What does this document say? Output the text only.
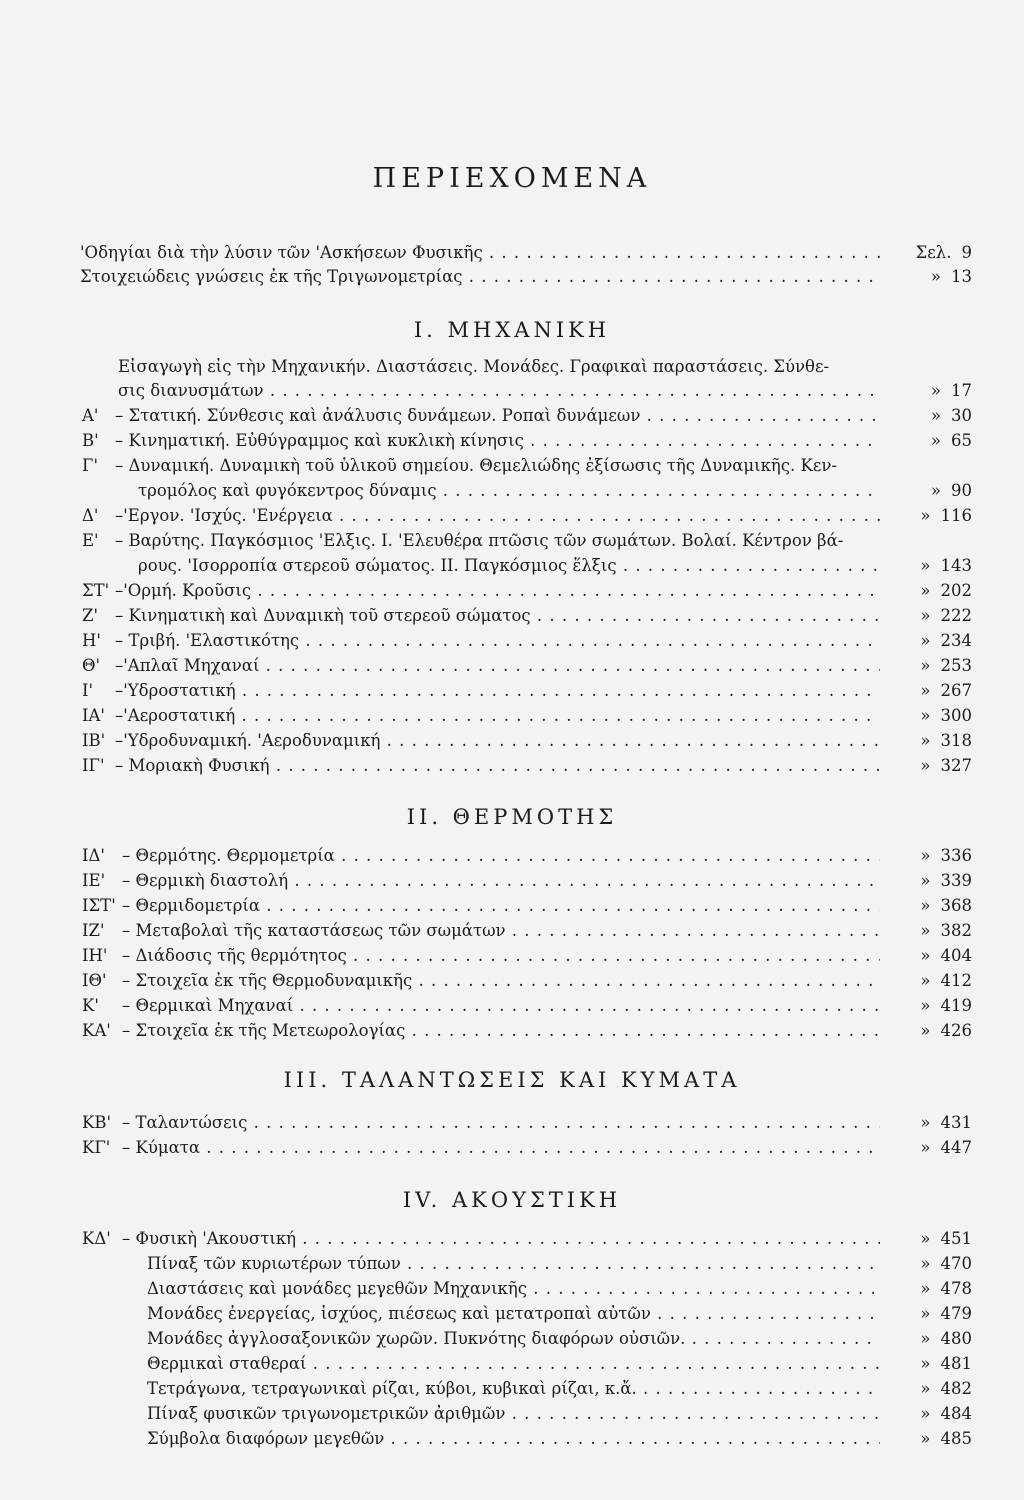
ΠΕΡΙΕΧΟΜΕΝΑ
'Οδηγίαι διὰ τὴν λύσιν τῶν 'Ασκήσεων Φυσικῆς . . .	Σελ. 9
Στοιχειώδεις γνώσεις ἐκ τῆς Τριγωνομετρίας . . .	» 13
Εἰσαγωγὴ εἰς τὴν Μηχανικήν. Διαστάσεις. Μονάδες. Γραφικαὶ παραστάσεις. Σύνθε-
σις διανυσμάτων . . .	» 17
Α' – Στατική. Σύνθεσις καὶ ἀνάλυσις δυνάμεων. Ροπαὶ δυνάμεων . . .	» 30
Β' – Κινηματική. Εὐθύγραμμος καὶ κυκλικὴ κίνησις . . .	» 65
Γ' – Δυναμική. Δυναμικὴ τοῦ ὑλικοῦ σημείου. Θεμελιώδης ἐξίσωσις τῆς Δυναμικῆς. Κεν-
τρομόλος καὶ φυγόκεντρος δύναμις . . .	» 90
Δ' –'Εργον. 'Ισχύς. 'Ενέργεια . . .	» 116
Ε' – Βαρύτης. Παγκόσμιος 'Ελξις. Ι. 'Ελευθέρα πτῶσις τῶν σωμάτων. Βολαί. Κέντρον βά-
ρους. 'Ισορροπία στερεοῦ σώματος. ΙΙ. Παγκόσμιος ἕλξις . . .	» 143
ΣΤ' –'Ορμή. Κροῦσις . . .	» 202
Ζ' – Κινηματικὴ καὶ Δυναμικὴ τοῦ στερεοῦ σώματος . . .	» 222
Η' – Τριβή. 'Ελαστικότης . . .	» 234
Θ' –'Απλαῖ Μηχαναί . . .	» 253
Ι' –'Υδροστατική . . .	» 267
ΙΑ' –'Αεροστατική . . .	» 300
ΙΒ' –'Υδροδυναμική. 'Αεροδυναμική . . .	» 318
ΙΓ' – Μοριακὴ Φυσική . . .	» 327
ΙΔ' – Θερμότης. Θερμομετρία . . .	» 336
ΙΕ' – Θερμικὴ διαστολή . . .	» 339
ΙΣΤ' – Θερμιδομετρία . . .	» 368
ΙΖ' – Μεταβολαὶ τῆς καταστάσεως τῶν σωμάτων . . .	» 382
ΙΗ' – Διάδοσις τῆς θερμότητος . . .	» 404
ΙΘ' – Στοιχεῖα ἐκ τῆς Θερμοδυναμικῆς . . .	» 412
Κ' – Θερμικαὶ Μηχαναί . . .	» 419
ΚΑ' – Στοιχεῖα ἐκ τῆς Μετεωρολογίας . . .	» 426
ΚΒ' – Ταλαντώσεις . . .	» 431
ΚΓ' – Κύματα . . .	» 447
ΚΔ' – Φυσικὴ 'Ακουστική . . .	» 451
Πίναξ τῶν κυριωτέρων τύπων . . .	» 470
Διαστάσεις καὶ μονάδες μεγεθῶν Μηχανικῆς . . .	» 478
Μονάδες ἐνεργείας, ἰσχύος, πιέσεως καὶ μετατροπαὶ αὐτῶν . . .	» 479
Μονάδες ἀγγλοσαξονικῶν χωρῶν. Πυκνότης διαφόρων οὐσιῶν. . . .	» 480
Θερμικαὶ σταθεραί . . .	» 481
Τετράγωνα, τετραγωνικαὶ ρίζαι, κύβοι, κυβικαὶ ρίζαι, κ.ἄ. . . .	» 482
Πίναξ φυσικῶν τριγωνομετρικῶν ἀριθμῶν . . .	» 484
Σύμβολα διαφόρων μεγεθῶν . . .	» 485
I. ΜΗΧΑΝΙΚΗ
II. ΘΕΡΜΟΤΗΣ
III. ΤΑΛΑΝΤΩΣΕΙΣ ΚΑΙ ΚΥΜΑΤΑ
IV. ΑΚΟΥΣΤΙΚΗ
